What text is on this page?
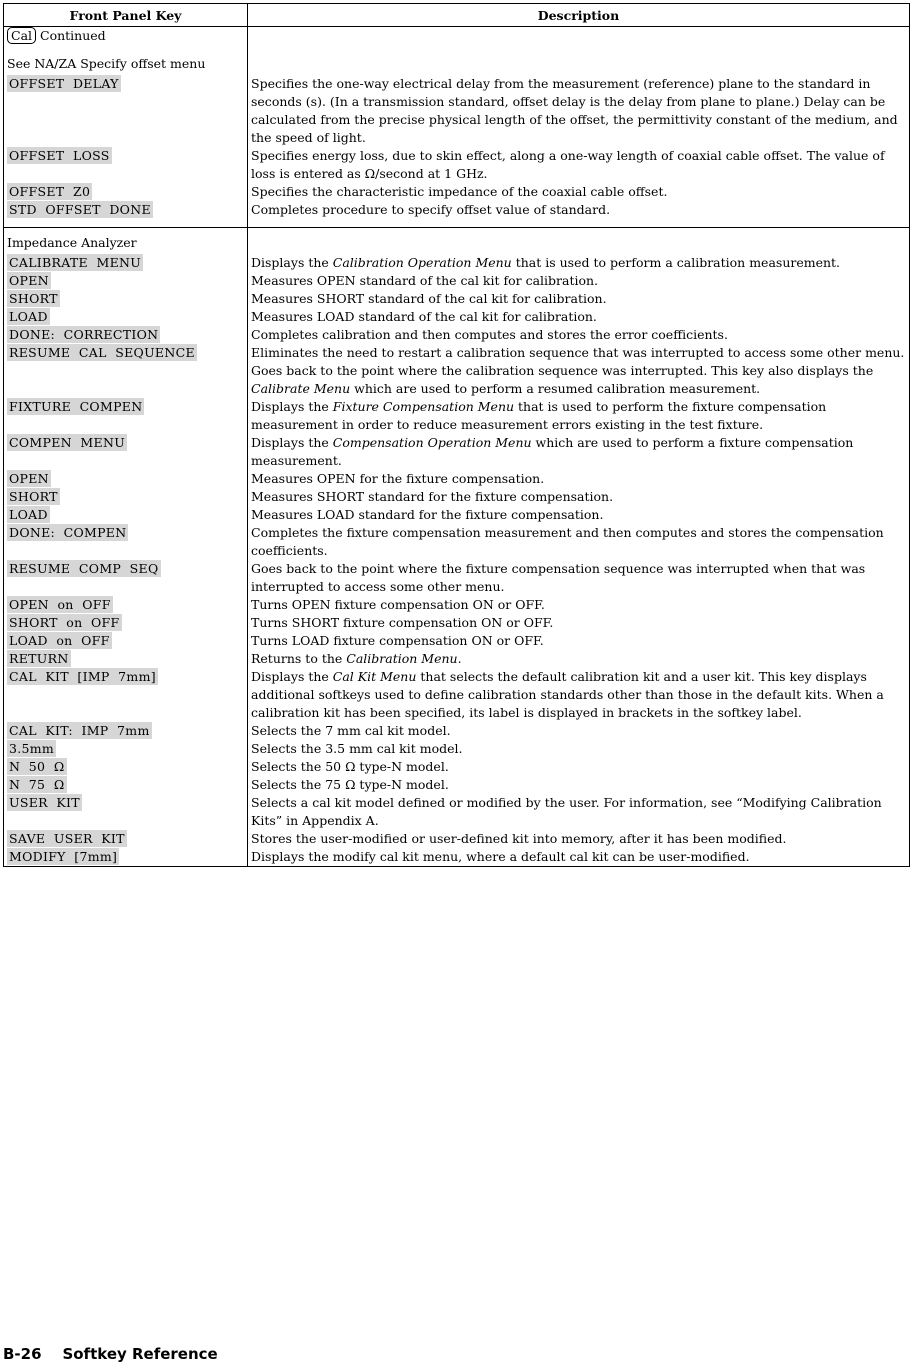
Front Panel Key	Description
Cal Continued	
See NA/ZA Specify offset menu	
OFFSET  DELAY	Specifies the one-way electrical delay from the measurement (reference) plane to the standard in seconds (s). (In a transmission standard, offset delay is the delay from plane to plane.) Delay can be calculated from the precise physical length of the offset, the permittivity constant of the medium, and the speed of light.
OFFSET  LOSS	Specifies energy loss, due to skin effect, along a one-way length of coaxial cable offset. The value of loss is entered as Ω/second at 1 GHz.
OFFSET  Z0	Specifies the characteristic impedance of the coaxial cable offset.
STD  OFFSET  DONE	Completes procedure to specify offset value of standard.
Impedance Analyzer	
CALIBRATE  MENU	Displays the Calibration Operation Menu that is used to perform a calibration measurement.
OPEN	Measures OPEN standard of the cal kit for calibration.
SHORT	Measures SHORT standard of the cal kit for calibration.
LOAD	Measures LOAD standard of the cal kit for calibration.
DONE:  CORRECTION	Completes calibration and then computes and stores the error coefficients.
RESUME  CAL  SEQUENCE	Eliminates the need to restart a calibration sequence that was interrupted to access some other menu. Goes back to the point where the calibration sequence was interrupted. This key also displays the Calibrate Menu which are used to perform a resumed calibration measurement.
FIXTURE  COMPEN	Displays the Fixture Compensation Menu that is used to perform the fixture compensation measurement in order to reduce measurement errors existing in the test fixture.
COMPEN  MENU	Displays the Compensation Operation Menu which are used to perform a fixture compensation measurement.
OPEN	Measures OPEN for the fixture compensation.
SHORT	Measures SHORT standard for the fixture compensation.
LOAD	Measures LOAD standard for the fixture compensation.
DONE:  COMPEN	Completes the fixture compensation measurement and then computes and stores the compensation coefficients.
RESUME  COMP  SEQ	Goes back to the point where the fixture compensation sequence was interrupted when that was interrupted to access some other menu.
OPEN  on  OFF	Turns OPEN fixture compensation ON or OFF.
SHORT  on  OFF	Turns SHORT fixture compensation ON or OFF.
LOAD  on  OFF	Turns LOAD fixture compensation ON or OFF.
RETURN	Returns to the Calibration Menu.
CAL  KIT  [IMP  7mm]	Displays the Cal Kit Menu that selects the default calibration kit and a user kit. This key displays additional softkeys used to define calibration standards other than those in the default kits. When a calibration kit has been specified, its label is displayed in brackets in the softkey label.
CAL  KIT:  IMP  7mm	Selects the 7 mm cal kit model.
3.5mm	Selects the 3.5 mm cal kit model.
N  50  Ω	Selects the 50 Ω type-N model.
N  75  Ω	Selects the 75 Ω type-N model.
USER  KIT	Selects a cal kit model defined or modified by the user. For information, see “Modifying Calibration Kits” in Appendix A.
SAVE  USER  KIT	Stores the user-modified or user-defined kit into memory, after it has been modified.
MODIFY  [7mm]	Displays the modify cal kit menu, where a default cal kit can be user-modified.
B-26 Softkey Reference
